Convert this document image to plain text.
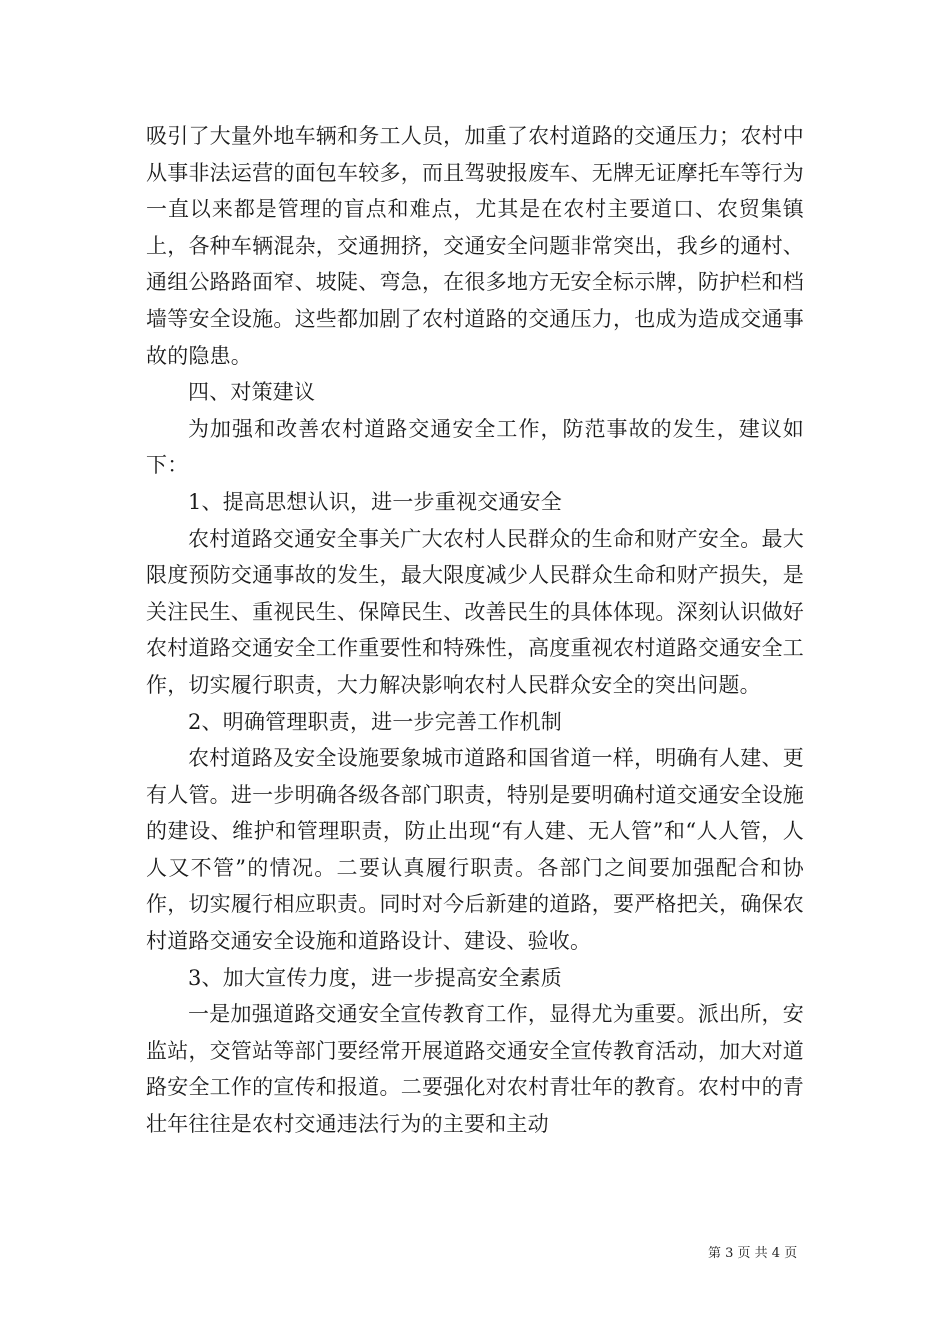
吸引了大量外地车辆和务工人员，加重了农村道路的交通压力；农村中从事非法运营的面包车较多，而且驾驶报废车、无牌无证摩托车等行为一直以来都是管理的盲点和难点，尤其是在农村主要道口、农贸集镇上，各种车辆混杂，交通拥挤，交通安全问题非常突出，我乡的通村、通组公路路面窄、坡陡、弯急，在很多地方无安全标示牌，防护栏和档墙等安全设施。这些都加剧了农村道路的交通压力，也成为造成交通事故的隐患。

四、对策建议

为加强和改善农村道路交通安全工作，防范事故的发生，建议如下：

1、提高思想认识，进一步重视交通安全

农村道路交通安全事关广大农村人民群众的生命和财产安全。最大限度预防交通事故的发生，最大限度减少人民群众生命和财产损失，是关注民生、重视民生、保障民生、改善民生的具体体现。深刻认识做好农村道路交通安全工作重要性和特殊性，高度重视农村道路交通安全工作，切实履行职责，大力解决影响农村人民群众安全的突出问题。

2、明确管理职责，进一步完善工作机制

农村道路及安全设施要象城市道路和国省道一样，明确有人建、更有人管。进一步明确各级各部门职责，特别是要明确村道交通安全设施的建设、维护和管理职责，防止出现“有人建、无人管”和“人人管，人人又不管”的情况。二要认真履行职责。各部门之间要加强配合和协作，切实履行相应职责。同时对今后新建的道路，要严格把关，确保农村道路交通安全设施和道路设计、建设、验收。

3、加大宣传力度，进一步提高安全素质

一是加强道路交通安全宣传教育工作，显得尤为重要。派出所，安监站，交管站等部门要经常开展道路交通安全宣传教育活动，加大对道路安全工作的宣传和报道。二要强化对农村青壮年的教育。农村中的青壮年往往是农村交通违法行为的主要和主动

第 3 页 共 4 页
